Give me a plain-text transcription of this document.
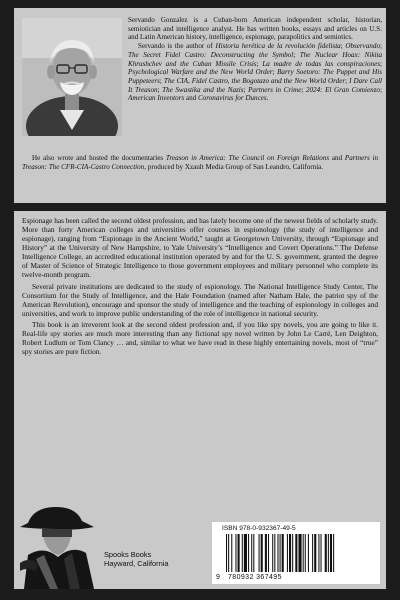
Servando Gonzalez is a Cuban-born American independent scholar, historian, semiotician and intelligence analyst. He has written books, essays and articles on U.S. and Latin American history, intelligence, espionage, parapolitics and semiotics.

Servando is the author of Historia herética de la revolución fidelista; Observando; The Secret Fidel Castro: Deconstructing the Symbol; The Nuclear Hoax: Nikita Khrushchev and the Cuban Missile Crisis; La madre de todas las conspiraciones; Psychological Warfare and the New World Order; Barry Soetoro: The Puppet and His Puppeteers; The CIA, Fidel Castro, the Bogotazo and the New World Order; I Dare Call It Treason; The Swastika and the Nazis; Partners in Crime; 2024: El Gran Comienzo; American Inventors and Coronavirus for Dunces.

He also wrote and hosted the documentaries Treason in America: The Council on Foreign Relations and Partners in Treason: The CFR-CIA-Castro Connection, produced by Xzault Media Group of San Leandro, California.

Espionage has been called the second oldest profession, and has lately become one of the newest fields of scholarly study. More than forty American colleges and universities offer courses in espionology (the study of intelligence and espionage), ranging from “Espionage in the Ancient World,” taught at Georgetown University, through “Espionage and History” at the University of New Hampshire, to Yale University’s “Intelligence and Covert Operations.” The Defense Intelligence College, an accredited educational institution operated by and for the U. S. government, granted the degree of Master of Science of Strategic Intelligence to those government employees and military personnel who complete its twelve-month program.

Several private institutions are dedicated to the study of espionology. The National Intelligence Study Center, The Consortium for the Study of Intelligence, and the Hale Foundation (named after Natham Hale, the patriot spy of the American Revolution), encourage and sponsor the study of intelligence and the teaching of espionology in colleges and universities, and work to improve public understanding of the role of intelligence in national security.

This book is an irreverent look at the second oldest profession and, if you like spy novels, you are going to like it. Real-life spy stories are much more interesting than any fictional spy novel written by John Le Carré, Len Deighton, Robert Ludlum or Tom Clancy … and, similar to what we have read in these highly entertaining novels, most of “true” spy stories are pure fiction.

Spooks Books
Hayward, California
ISBN 978-0-932367-49-5
9 780932 367495
